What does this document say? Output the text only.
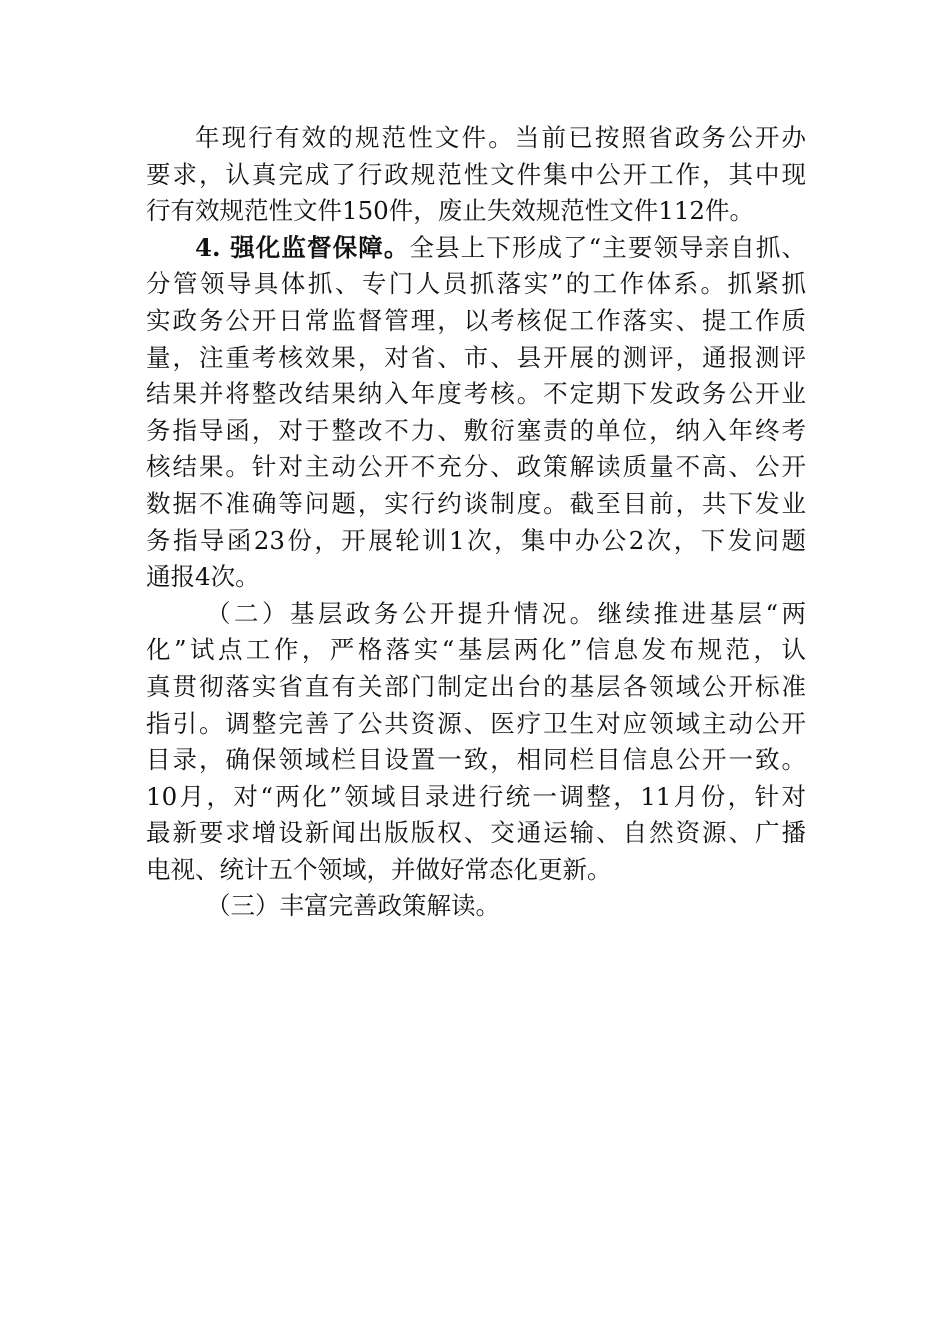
年现行有效的规范性文件。当前已按照省政务公开办
要求，认真完成了行政规范性文件集中公开工作，其中现
行有效规范性文件150件，废止失效规范性文件112件。
4. 强化监督保障。全县上下形成了“主要领导亲自抓、
分管领导具体抓、专门人员抓落实”的工作体系。抓紧抓
实政务公开日常监督管理，以考核促工作落实、提工作质
量，注重考核效果，对省、市、县开展的测评，通报测评
结果并将整改结果纳入年度考核。不定期下发政务公开业
务指导函，对于整改不力、敷衍塞责的单位，纳入年终考
核结果。针对主动公开不充分、政策解读质量不高、公开
数据不准确等问题，实行约谈制度。截至目前，共下发业
务指导函23份，开展轮训1次，集中办公2次，下发问题
通报4次。
（二）基层政务公开提升情况。继续推进基层“两
化”试点工作，严格落实“基层两化”信息发布规范，认
真贯彻落实省直有关部门制定出台的基层各领域公开标准
指引。调整完善了公共资源、医疗卫生对应领域主动公开
目录，确保领域栏目设置一致，相同栏目信息公开一致。
10月，对“两化”领域目录进行统一调整，11月份，针对
最新要求增设新闻出版版权、交通运输、自然资源、广播
电视、统计五个领域，并做好常态化更新。
（三）丰富完善政策解读。
